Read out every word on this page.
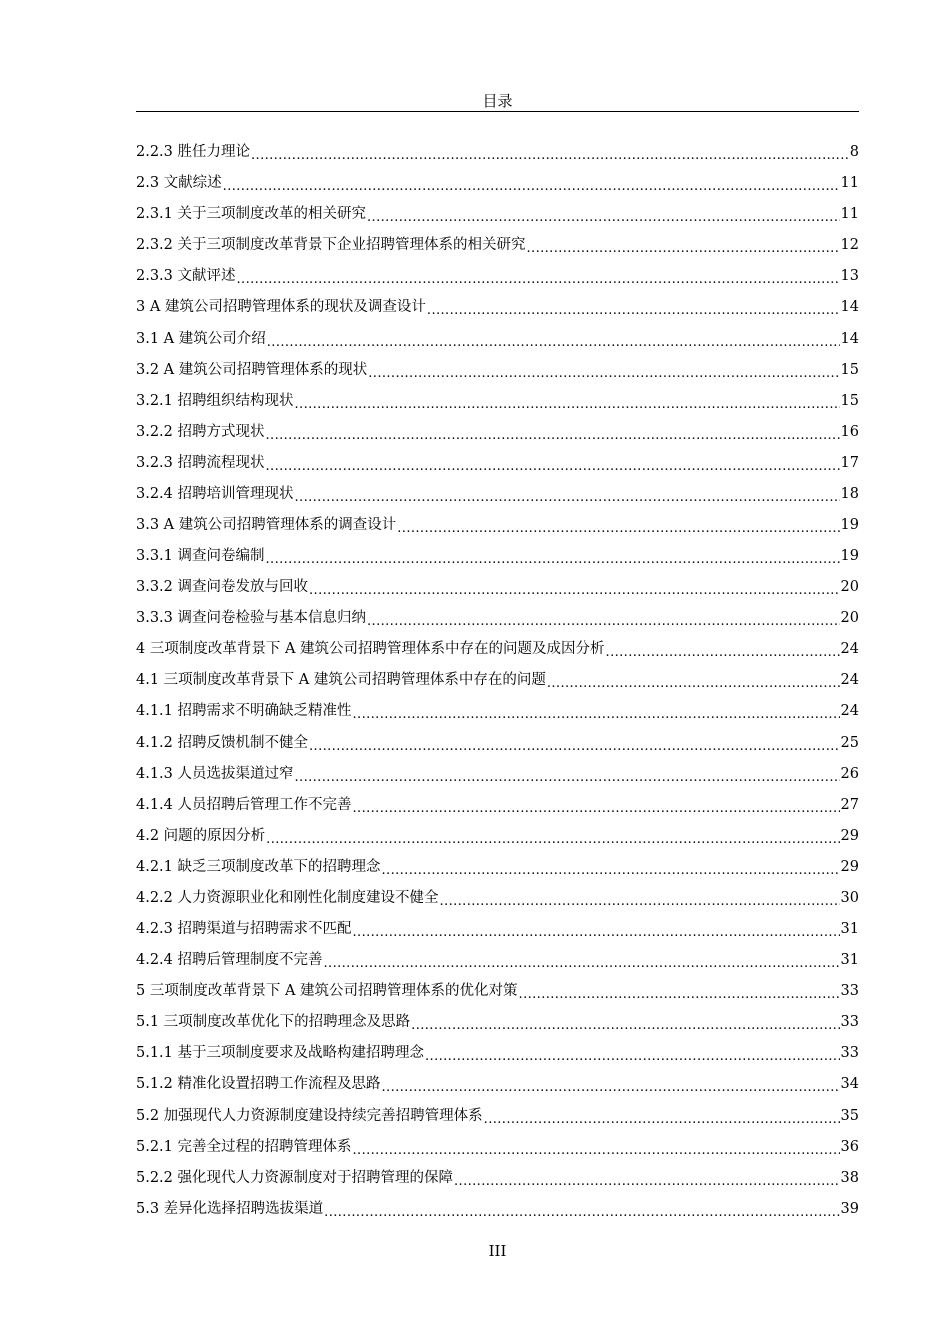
目录
2.2.3 胜任力理论 .....	8
2.3 文献综述 .....	11
2.3.1 关于三项制度改革的相关研究 .....	11
2.3.2 关于三项制度改革背景下企业招聘管理体系的相关研究 .....	12
2.3.3 文献评述 .....	13
3 A 建筑公司招聘管理体系的现状及调查设计 .....	14
3.1 A 建筑公司介绍 .....	14
3.2 A 建筑公司招聘管理体系的现状 .....	15
3.2.1 招聘组织结构现状 .....	15
3.2.2 招聘方式现状 .....	16
3.2.3 招聘流程现状 .....	17
3.2.4 招聘培训管理现状 .....	18
3.3 A 建筑公司招聘管理体系的调查设计 .....	19
3.3.1 调查问卷编制 .....	19
3.3.2 调查问卷发放与回收 .....	20
3.3.3 调查问卷检验与基本信息归纳 .....	20
4 三项制度改革背景下 A 建筑公司招聘管理体系中存在的问题及成因分析 .....	24
4.1 三项制度改革背景下 A 建筑公司招聘管理体系中存在的问题 .....	24
4.1.1 招聘需求不明确缺乏精准性 .....	24
4.1.2 招聘反馈机制不健全 .....	25
4.1.3 人员选拔渠道过窄 .....	26
4.1.4 人员招聘后管理工作不完善 .....	27
4.2 问题的原因分析 .....	29
4.2.1 缺乏三项制度改革下的招聘理念 .....	29
4.2.2 人力资源职业化和刚性化制度建设不健全 .....	30
4.2.3 招聘渠道与招聘需求不匹配 .....	31
4.2.4 招聘后管理制度不完善 .....	31
5 三项制度改革背景下 A 建筑公司招聘管理体系的优化对策 .....	33
5.1 三项制度改革优化下的招聘理念及思路 .....	33
5.1.1 基于三项制度要求及战略构建招聘理念 .....	33
5.1.2 精准化设置招聘工作流程及思路 .....	34
5.2 加强现代人力资源制度建设持续完善招聘管理体系 .....	35
5.2.1 完善全过程的招聘管理体系 .....	36
5.2.2 强化现代人力资源制度对于招聘管理的保障 .....	38
5.3 差异化选择招聘选拔渠道 .....	39
III
